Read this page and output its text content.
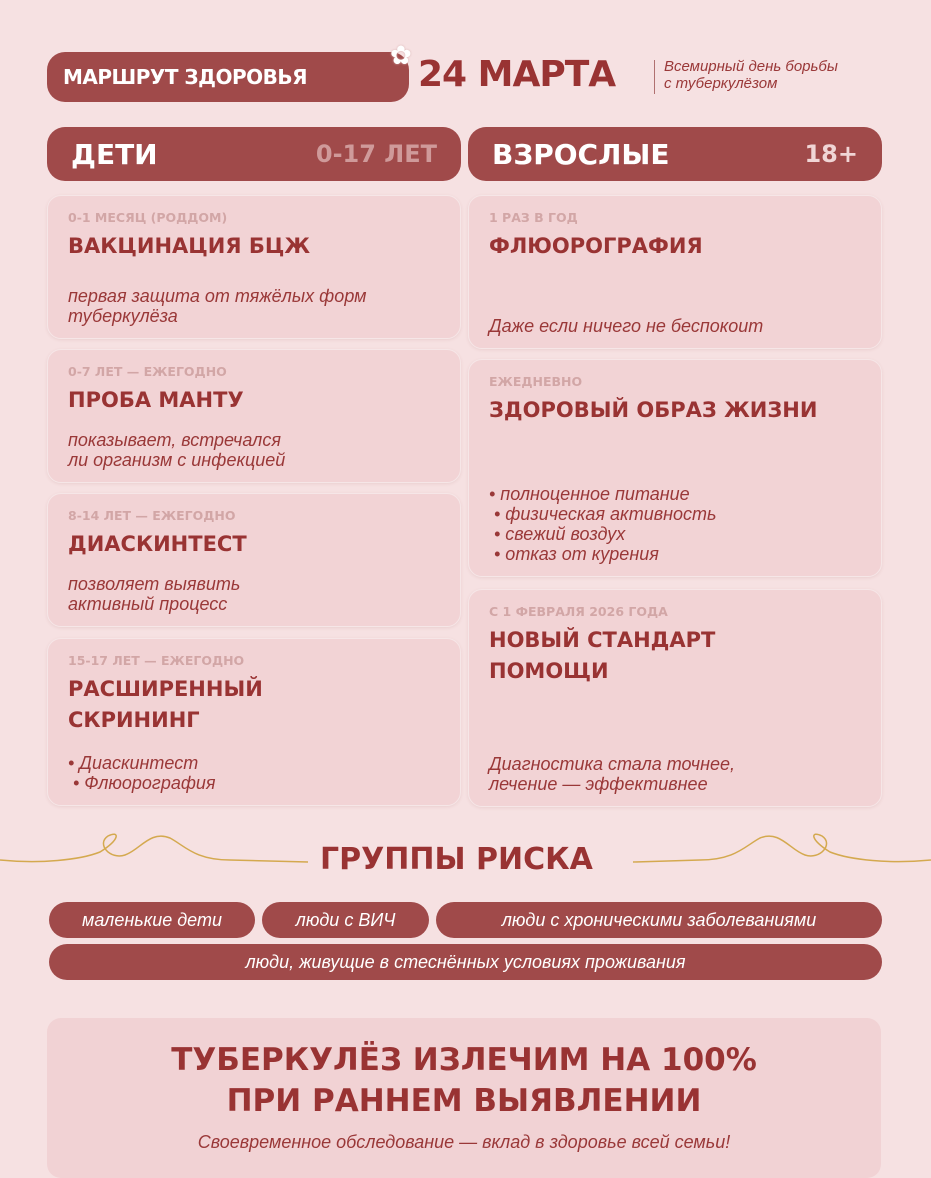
МАРШРУТ ЗДОРОВЬЯ
✿ 24 МАРТА	Всемирный день борьбы
с туберкулёзом
ДЕТИ	0-17 ЛЕТ ВЗРОСЛЫЕ	18+
0-1 МЕСЯЦ (РОДДОМ)
ВАКЦИНАЦИЯ БЦЖ
первая защита от тяжёлых форм
туберкулёза
0-7 ЛЕТ — ЕЖЕГОДНО
ПРОБА МАНТУ
показывает, встречался
ли организм с инфекцией
8-14 ЛЕТ — ЕЖЕГОДНО
ДИАСКИНТЕСТ
позволяет выявить
активный процесс
15-17 ЛЕТ — ЕЖЕГОДНО
РАСШИРЕННЫЙ
СКРИНИНГ
• Диаскинтест
• Флюорография
1 РАЗ В ГОД
ФЛЮОРОГРАФИЯ
Даже если ничего не беспокоит
ЕЖЕДНЕВНО
ЗДОРОВЫЙ ОБРАЗ ЖИЗНИ
• полноценное питание
• физическая активность
• свежий воздух
• отказ от курения
С 1 ФЕВРАЛЯ 2026 ГОДА
НОВЫЙ СТАНДАРТ
ПОМОЩИ
Диагностика стала точнее,
лечение — эффективнее
ГРУППЫ РИСКА
маленькие дети	люди с ВИЧ	люди с хроническими заболеваниями
люди, живущие в стеснённых условиях проживания
ТУБЕРКУЛЁЗ ИЗЛЕЧИМ НА 100%
ПРИ РАННЕМ ВЫЯВЛЕНИИ
Своевременное обследование — вклад в здоровье всей семьи!
